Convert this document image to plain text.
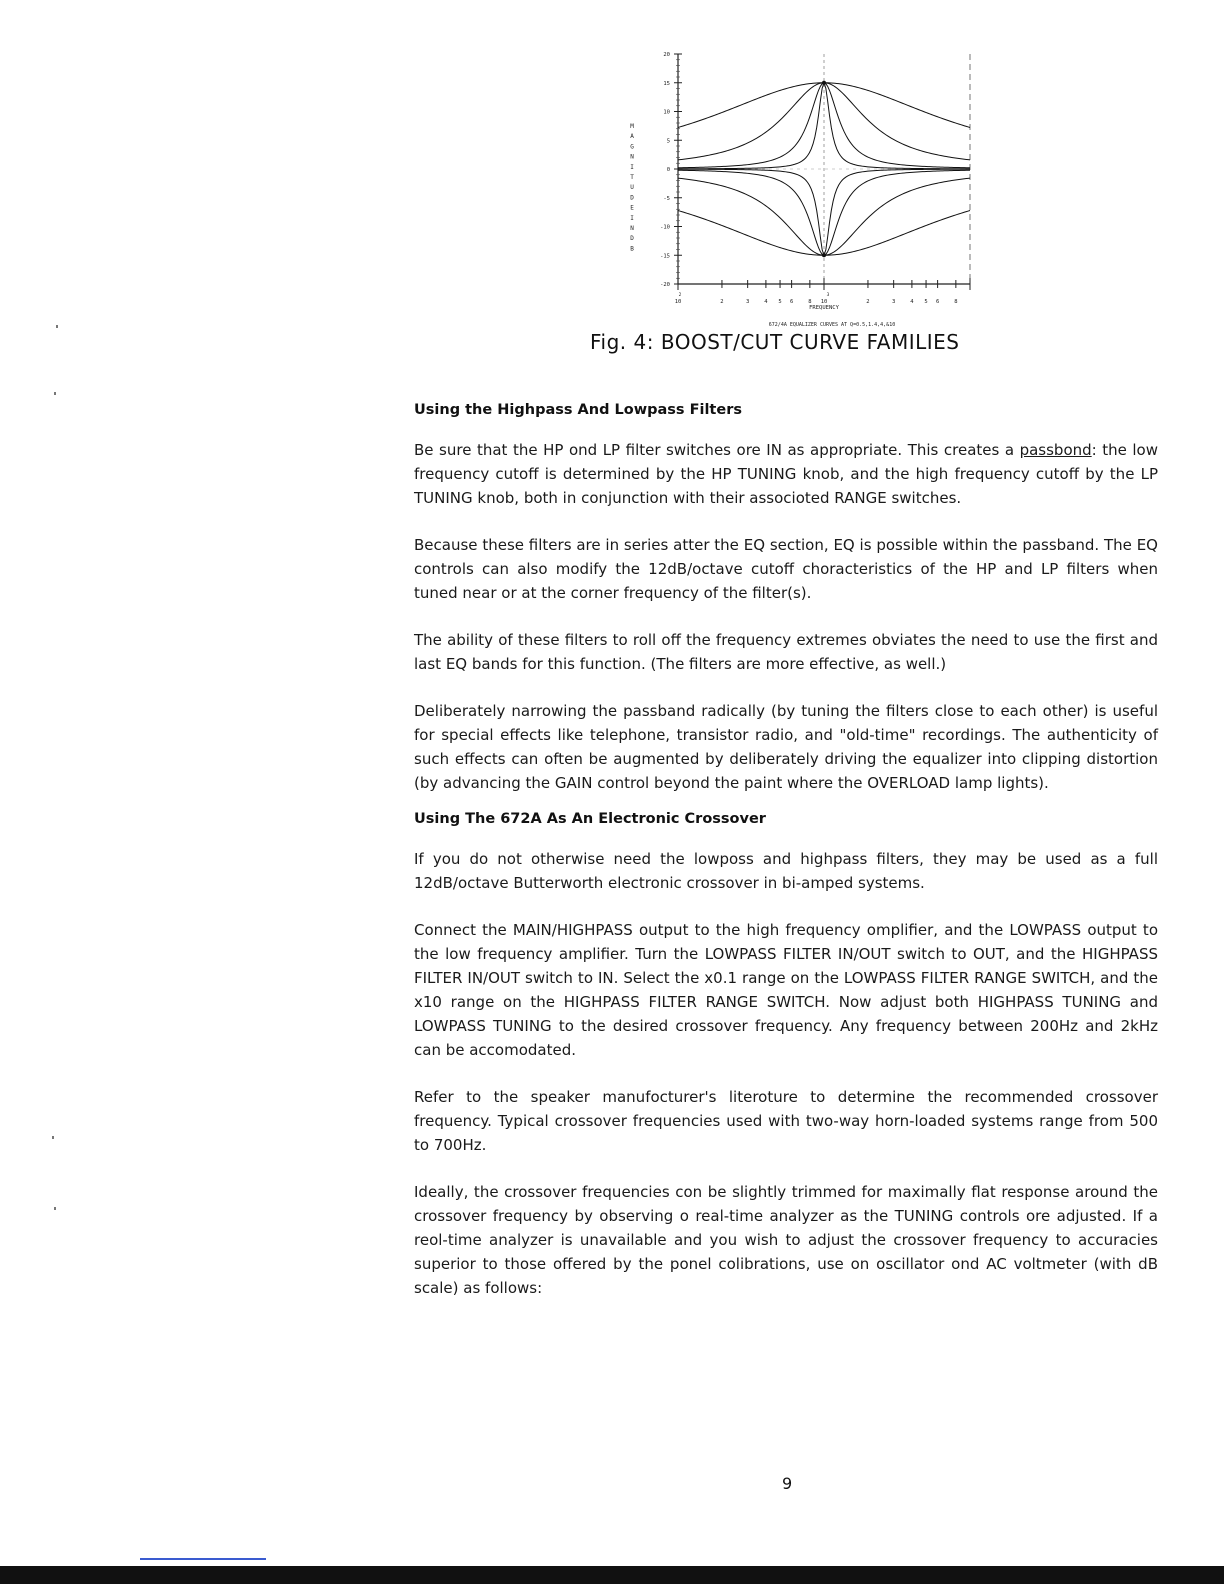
20
15
10
5
0
-5
-10
-15
-20
M
A
G
N
I
T
U
D
E
I
N
D
B
10	2	3	4 5 6	8 10	2	3	4 5 6	8
2	3
FREQUENCY
672/4A EQUALIZER CURVES AT Q=0.5,1.4,4,&10
Fig. 4: BOOST/CUT CURVE FAMILIES
Using the Highpass And Lowpass Filters

Be sure that the HP ond LP filter switches ore IN as appropriate. This creates a passbond: the low frequency cutoff is determined by the HP TUNING knob, and the high frequency cutoff by the LP TUNING knob, both in conjunction with their associoted RANGE switches.

Because these filters are in series atter the EQ section, EQ is possible within the passband. The EQ controls can also modify the 12dB/octave cutoff choracteristics of the HP and LP filters when tuned near or at the corner frequency of the filter(s).

The ability of these filters to roll off the frequency extremes obviates the need to use the first and last EQ bands for this function. (The filters are more effective, as well.)

Deliberately narrowing the passband radically (by tuning the filters close to each other) is useful for special effects like telephone, transistor radio, and "old-time" recordings. The authenticity of such effects can often be augmented by deliberately driving the equalizer into clipping distortion (by advancing the GAIN control beyond the paint where the OVERLOAD lamp lights).

Using The 672A As An Electronic Crossover

If you do not otherwise need the lowposs and highpass filters, they may be used as a full 12dB/octave Butterworth electronic crossover in bi-amped systems.

Connect the MAIN/HIGHPASS output to the high frequency omplifier, and the LOWPASS output to the low frequency amplifier. Turn the LOWPASS FILTER IN/OUT switch to OUT, and the HIGHPASS FILTER IN/OUT switch to IN. Select the x0.1 range on the LOWPASS FILTER RANGE SWITCH, and the x10 range on the HIGHPASS FILTER RANGE SWITCH. Now adjust both HIGHPASS TUNING and LOWPASS TUNING to the desired crossover frequency. Any frequency between 200Hz and 2kHz can be accomodated.

Refer to the speaker manufocturer's literoture to determine the recommended crossover frequency. Typical crossover frequencies used with two-way horn-loaded systems range from 500 to 700Hz.

Ideally, the crossover frequencies con be slightly trimmed for maximally flat response around the crossover frequency by observing o real-time analyzer as the TUNING controls ore adjusted. If a reol-time analyzer is unavailable and you wish to adjust the crossover frequency to accuracies superior to those offered by the ponel colibrations, use on oscillator ond AC voltmeter (with dB scale) as follows:

9
